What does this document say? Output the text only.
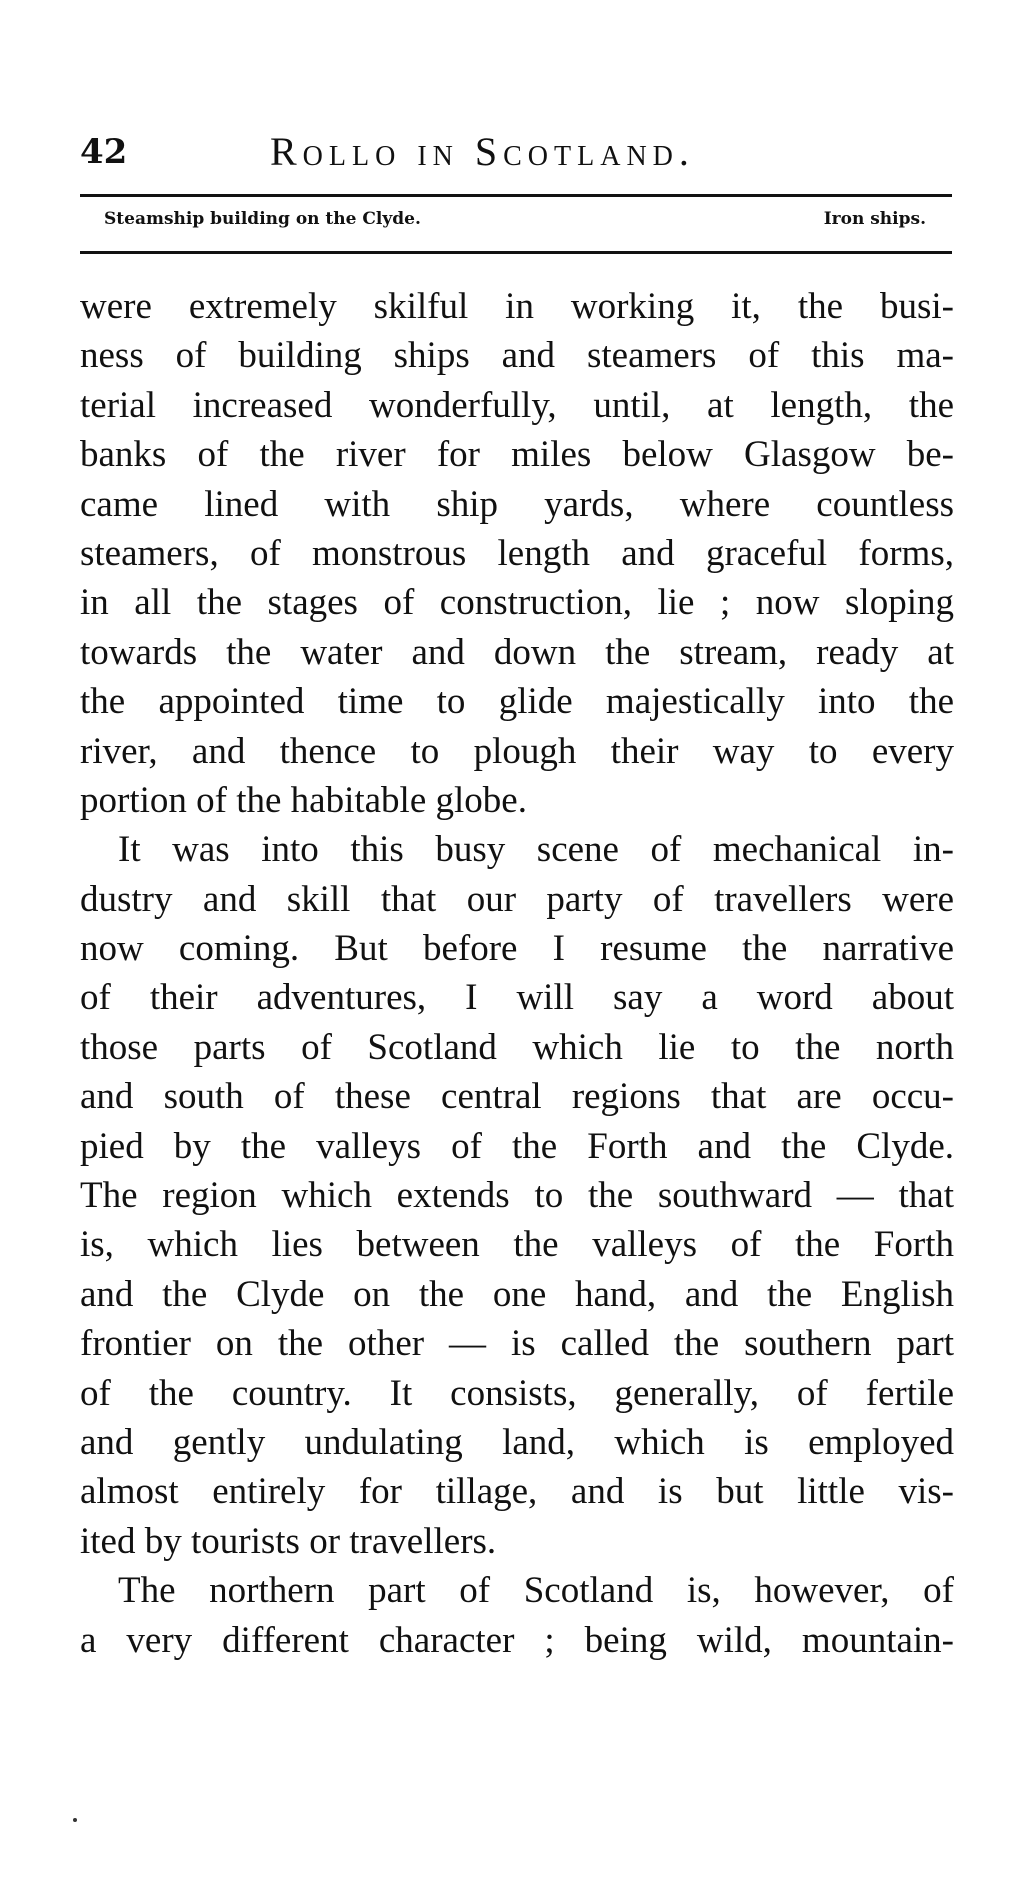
42	Rollo in Scotland.
Steamship building on the Clyde.	Iron ships.
were extremely skilful in working it, the busi-
ness of building ships and steamers of this ma-
terial increased wonderfully, until, at length, the
banks of the river for miles below Glasgow be-
came lined with ship yards, where countless
steamers, of monstrous length and graceful forms,
in all the stages of construction, lie ; now sloping
towards the water and down the stream, ready at
the appointed time to glide majestically into the
river, and thence to plough their way to every
portion of the habitable globe.
It was into this busy scene of mechanical in-
dustry and skill that our party of travellers were
now coming. But before I resume the narrative
of their adventures, I will say a word about
those parts of Scotland which lie to the north
and south of these central regions that are occu-
pied by the valleys of the Forth and the Clyde.
The region which extends to the southward — that
is, which lies between the valleys of the Forth
and the Clyde on the one hand, and the English
frontier on the other — is called the southern part
of the country. It consists, generally, of fertile
and gently undulating land, which is employed
almost entirely for tillage, and is but little vis-
ited by tourists or travellers.
The northern part of Scotland is, however, of
a very different character ; being wild, mountain-
